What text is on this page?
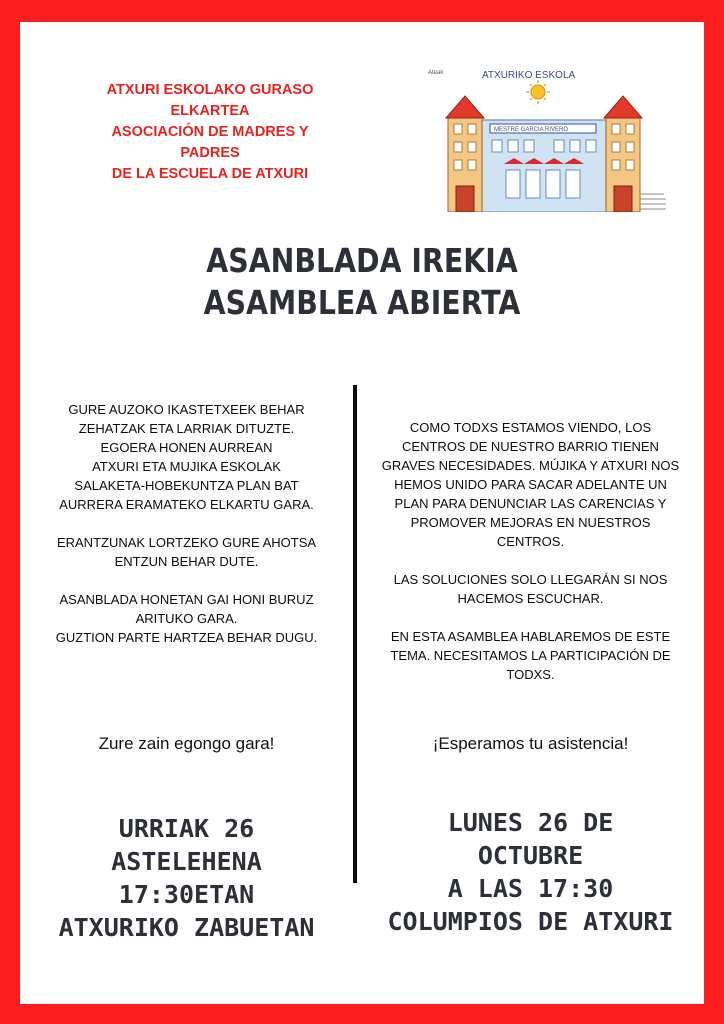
ATXURI ESKOLAKO GURASO
ELKARTEA
ASOCIACIÓN DE MADRES Y
PADRES
DE LA ESCUELA DE ATXURI
ATXURIKO ESKOLA
Ateak
MESTRE GARCIA RIVERO
ASANBLADA IREKIA
ASAMBLEA ABIERTA
GURE AUZOKO IKASTETXEEK BEHAR
ZEHATZAK ETA LARRIAK DITUZTE.
EGOERA HONEN AURREAN
ATXURI ETA MUJIKA ESKOLAK
SALAKETA-HOBEKUNTZA PLAN BAT
AURRERA ERAMATEKO ELKARTU GARA.
ERANTZUNAK LORTZEKO GURE AHOTSA
ENTZUN BEHAR DUTE.
ASANBLADA HONETAN GAI HONI BURUZ
ARITUKO GARA.
GUZTION PARTE HARTZEA BEHAR DUGU.
COMO TODXS ESTAMOS VIENDO, LOS
CENTROS DE NUESTRO BARRIO TIENEN
GRAVES NECESIDADES. MÚJIKA Y ATXURI NOS
HEMOS UNIDO PARA SACAR ADELANTE UN
PLAN PARA DENUNCIAR LAS CARENCIAS Y
PROMOVER MEJORAS EN NUESTROS
CENTROS.
LAS SOLUCIONES SOLO LLEGARÁN SI NOS
HACEMOS ESCUCHAR.
EN ESTA ASAMBLEA HABLAREMOS DE ESTE
TEMA. NECESITAMOS LA PARTICIPACIÓN DE
TODXS.
Zure zain egongo gara!	¡Esperamos tu asistencia!
URRIAK 26
ASTELEHENA
17:30ETAN
ATXURIKO ZABUETAN
LUNES 26 DE
OCTUBRE
A LAS 17:30
COLUMPIOS DE ATXURI
